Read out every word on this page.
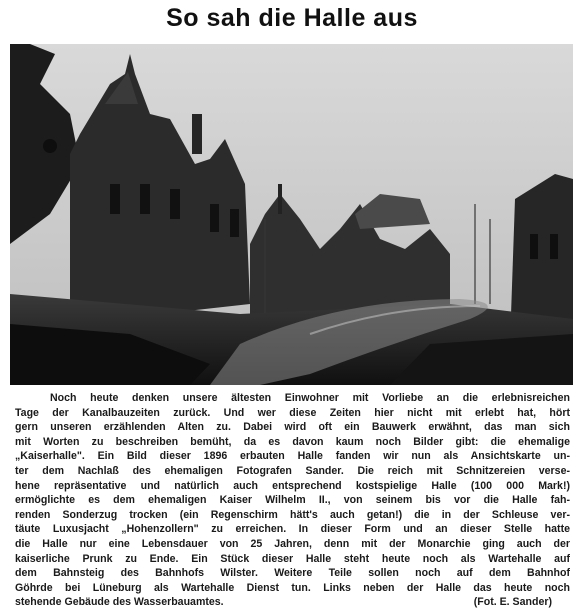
So sah die Halle aus
Noch heute denken unsere ältesten Einwohner mit Vorliebe an die erlebnisreichen
Tage der Kanalbauzeiten zurück. Und wer diese Zeiten hier nicht mit erlebt hat, hört
gern unseren erzählenden Alten zu. Dabei wird oft ein Bauwerk erwähnt, das man sich
mit Worten zu beschreiben bemüht, da es davon kaum noch Bilder gibt: die ehemalige
„Kaiserhalle". Ein Bild dieser 1896 erbauten Halle fanden wir nun als Ansichtskarte un-
ter dem Nachlaß des ehemaligen Fotografen Sander. Die reich mit Schnitzereien verse-
hene repräsentative und natürlich auch entsprechend kostspielige Halle (100 000 Mark!)
ermöglichte es dem ehemaligen Kaiser Wilhelm II., von seinem bis vor die Halle fah-
renden Sonderzug trocken (ein Regenschirm hätt's auch getan!) die in der Schleuse ver-
täute Luxusjacht „Hohenzollern" zu erreichen. In dieser Form und an dieser Stelle hatte
die Halle nur eine Lebensdauer von 25 Jahren, denn mit der Monarchie ging auch der
kaiserliche Prunk zu Ende. Ein Stück dieser Halle steht heute noch als Wartehalle auf
dem Bahnsteig des Bahnhofs Wilster. Weitere Teile sollen noch auf dem Bahnhof
Göhrde bei Lüneburg als Wartehalle Dienst tun. Links neben der Halle das heute noch
stehende Gebäude des Wasserbauamtes.	(Fot. E. Sander)
